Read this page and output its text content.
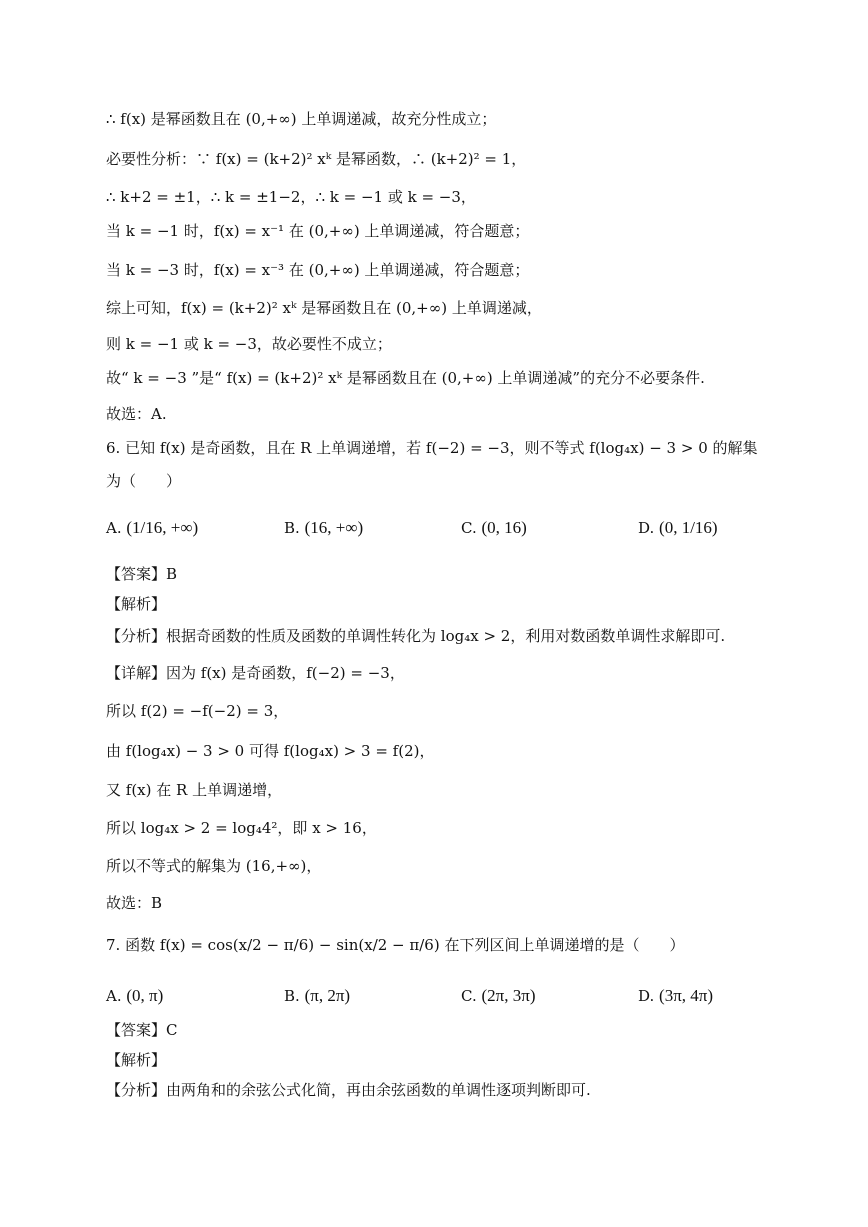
∴ f(x) 是幂函数且在 (0,+∞) 上单调递减，故充分性成立；
必要性分析：∵ f(x) = (k+2)² xᵏ 是幂函数，∴ (k+2)² = 1，
∴ k+2 = ±1，∴ k = ±1−2，∴ k = −1 或 k = −3，
当 k = −1 时，f(x) = x⁻¹ 在 (0,+∞) 上单调递减，符合题意；
当 k = −3 时，f(x) = x⁻³ 在 (0,+∞) 上单调递减，符合题意；
综上可知，f(x) = (k+2)² xᵏ 是幂函数且在 (0,+∞) 上单调递减，
则 k = −1 或 k = −3，故必要性不成立；
故“ k = −3 ”是“ f(x) = (k+2)² xᵏ 是幂函数且在 (0,+∞) 上单调递减”的充分不必要条件.
故选：A.
6. 已知 f(x) 是奇函数，且在 R 上单调递增，若 f(−2) = −3，则不等式 f(log₄x) − 3 > 0 的解集
为（　　）
A. (1/16, +∞)	B. (16, +∞)	C. (0, 16)	D. (0, 1/16)
【答案】B
【解析】
【分析】根据奇函数的性质及函数的单调性转化为 log₄x > 2，利用对数函数单调性求解即可.
【详解】因为 f(x) 是奇函数，f(−2) = −3，
所以 f(2) = −f(−2) = 3，
由 f(log₄x) − 3 > 0 可得 f(log₄x) > 3 = f(2)，
又 f(x) 在 R 上单调递增，
所以 log₄x > 2 = log₄4²，即 x > 16，
所以不等式的解集为 (16,+∞)，
故选：B
7. 函数 f(x) = cos(x/2 − π/6) − sin(x/2 − π/6) 在下列区间上单调递增的是（　　）
A. (0, π)	B. (π, 2π)	C. (2π, 3π)	D. (3π, 4π)
【答案】C
【解析】
【分析】由两角和的余弦公式化简，再由余弦函数的单调性逐项判断即可.
